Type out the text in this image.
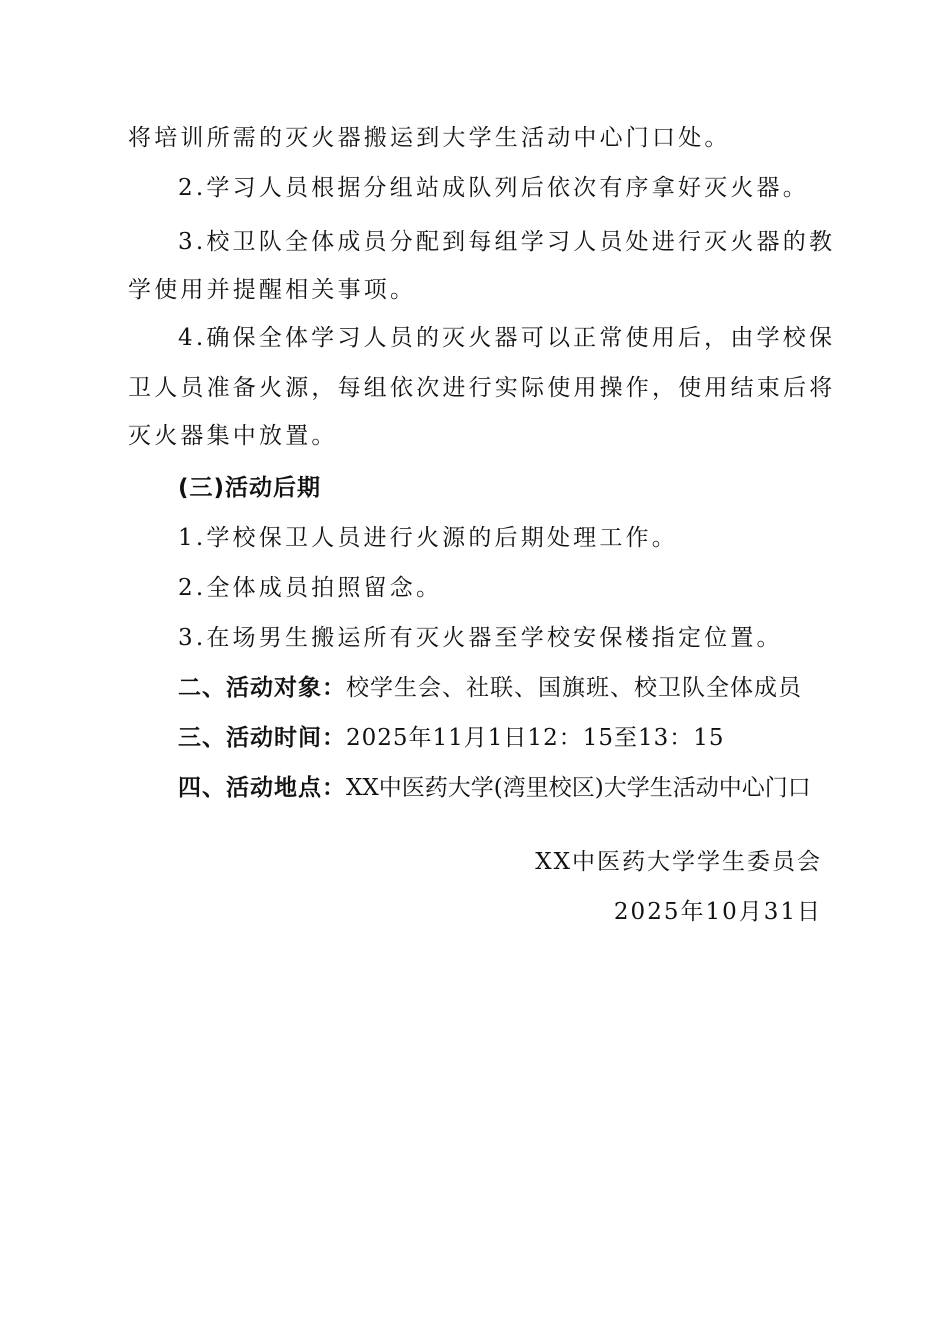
将培训所需的灭火器搬运到大学生活动中心门口处。
2.学习人员根据分组站成队列后依次有序拿好灭火器。
3.校卫队全体成员分配到每组学习人员处进行灭火器的教
学使用并提醒相关事项。
4.确保全体学习人员的灭火器可以正常使用后，由学校保
卫人员准备火源，每组依次进行实际使用操作，使用结束后将
灭火器集中放置。
(三)活动后期
1.学校保卫人员进行火源的后期处理工作。
2.全体成员拍照留念。
3.在场男生搬运所有灭火器至学校安保楼指定位置。
二、活动对象：校学生会、社联、国旗班、校卫队全体成员
三、活动时间：2025年11月1日12：15至13：15
四、活动地点：XX中医药大学(湾里校区)大学生活动中心门口
XX中医药大学学生委员会
2025年10月31日
